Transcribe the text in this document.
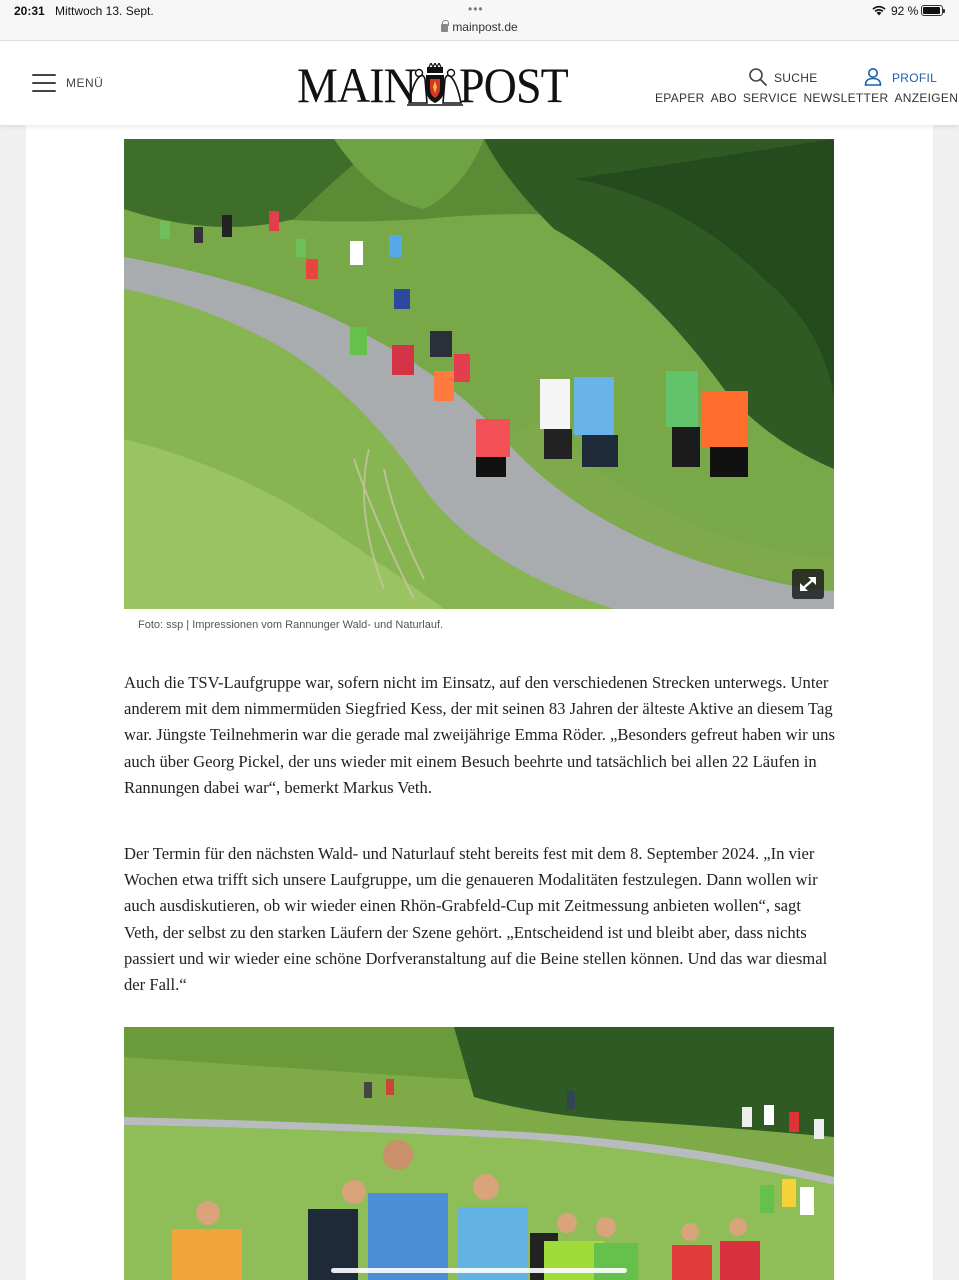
20:31 Mittwoch 13. Sept.	•••
mainpost.de
92 %
MENÜ	MAIN POST	SUCHE	PROFIL
EPAPER ABO SERVICE NEWSLETTER ANZEIGEN
Foto: ssp | Impressionen vom Rannunger Wald- und Naturlauf.

Auch die TSV-Laufgruppe war, sofern nicht im Einsatz, auf den verschiedenen Strecken unterwegs. Unter anderem mit dem nimmermüden Siegfried Kess, der mit seinen 83 Jahren der älteste Aktive an diesem Tag war. Jüngste Teilnehmerin war die gerade mal zweijährige Emma Röder. „Besonders gefreut haben wir uns auch über Georg Pickel, der uns wieder mit einem Besuch beehrte und tatsächlich bei allen 22 Läufen in Rannungen dabei war“, bemerkt Markus Veth.

Der Termin für den nächsten Wald- und Naturlauf steht bereits fest mit dem 8. September 2024. „In vier Wochen etwa trifft sich unsere Laufgruppe, um die genaueren Modalitäten festzulegen. Dann wollen wir auch ausdiskutieren, ob wir wieder einen Rhön-Grabfeld-Cup mit Zeitmessung anbieten wollen“, sagt Veth, der selbst zu den starken Läufern der Szene gehört. „Entscheidend ist und bleibt aber, dass nichts passiert und wir wieder eine schöne Dorfveranstaltung auf die Beine stellen können. Und das war diesmal der Fall.“
